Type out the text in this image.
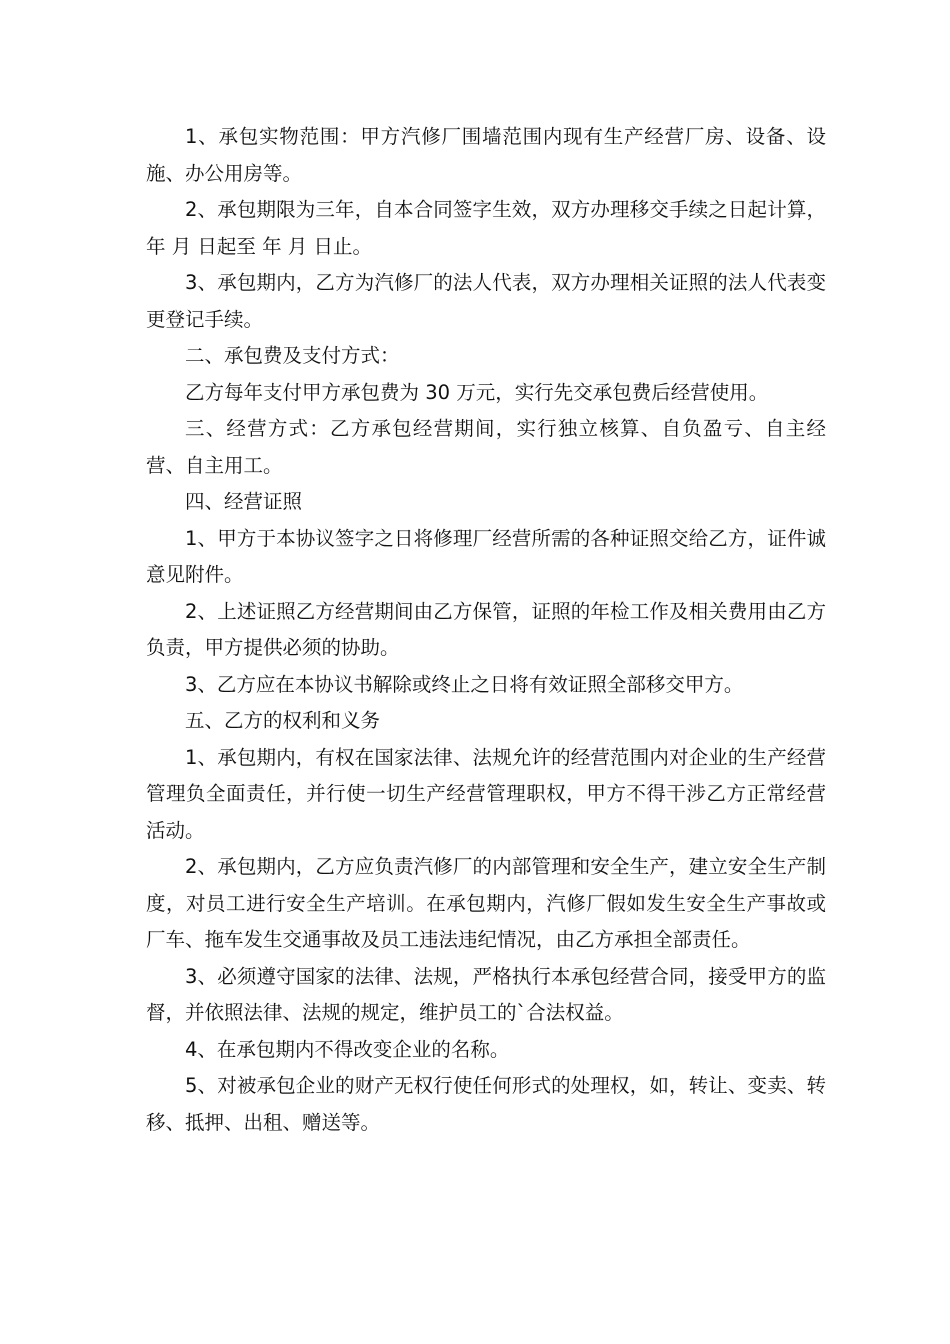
1、承包实物范围：甲方汽修厂围墙范围内现有生产经营厂房、设备、设施、办公用房等。

2、承包期限为三年，自本合同签字生效，双方办理移交手续之日起计算， 年 月 日起至 年 月 日止。

3、承包期内，乙方为汽修厂的法人代表，双方办理相关证照的法人代表变更登记手续。

二、承包费及支付方式：

乙方每年支付甲方承包费为 30 万元，实行先交承包费后经营使用。

三、经营方式：乙方承包经营期间，实行独立核算、自负盈亏、自主经营、自主用工。

四、经营证照

1、甲方于本协议签字之日将修理厂经营所需的各种证照交给乙方，证件诚意见附件。

2、上述证照乙方经营期间由乙方保管，证照的年检工作及相关费用由乙方负责，甲方提供必须的协助。

3、乙方应在本协议书解除或终止之日将有效证照全部移交甲方。

五、乙方的权利和义务

1、承包期内，有权在国家法律、法规允许的经营范围内对企业的生产经营管理负全面责任，并行使一切生产经营管理职权，甲方不得干涉乙方正常经营活动。

2、承包期内，乙方应负责汽修厂的内部管理和安全生产，建立安全生产制度，对员工进行安全生产培训。在承包期内，汽修厂假如发生安全生产事故或厂车、拖车发生交通事故及员工违法违纪情况，由乙方承担全部责任。

3、必须遵守国家的法律、法规，严格执行本承包经营合同，接受甲方的监督，并依照法律、法规的规定，维护员工的`合法权益。

4、在承包期内不得改变企业的名称。

5、对被承包企业的财产无权行使任何形式的处理权，如，转让、变卖、转移、抵押、出租、赠送等。
